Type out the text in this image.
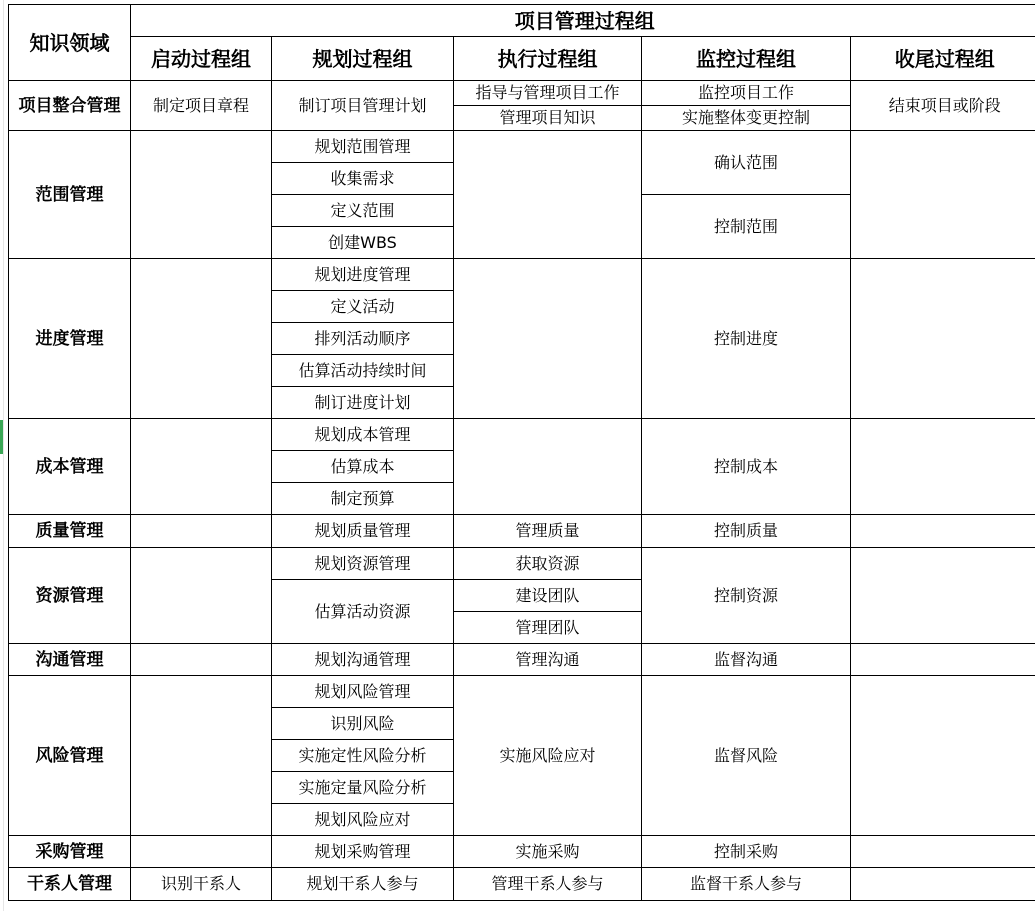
知识领域	项目管理过程组				
	启动过程组	规划过程组	执行过程组	监控过程组	收尾过程组
项目整合管理	制定项目章程	制订项目管理计划	指导与管理项目工作	监控项目工作	结束项目或阶段
			管理项目知识	实施整体变更控制	
范围管理		规划范围管理		确认范围	
		收集需求			
		定义范围		控制范围	
		创建WBS			
进度管理		规划进度管理		控制进度	
		定义活动			
		排列活动顺序			
		估算活动持续时间			
		制订进度计划			
成本管理		规划成本管理		控制成本	
		估算成本			
		制定预算			
质量管理		规划质量管理	管理质量	控制质量	
资源管理		规划资源管理	获取资源	控制资源	
		估算活动资源	建设团队		
			管理团队		
沟通管理		规划沟通管理	管理沟通	监督沟通	
风险管理		规划风险管理	实施风险应对	监督风险	
		识别风险			
		实施定性风险分析			
		实施定量风险分析			
		规划风险应对			
采购管理		规划采购管理	实施采购	控制采购	
干系人管理	识别干系人	规划干系人参与	管理干系人参与	监督干系人参与	
